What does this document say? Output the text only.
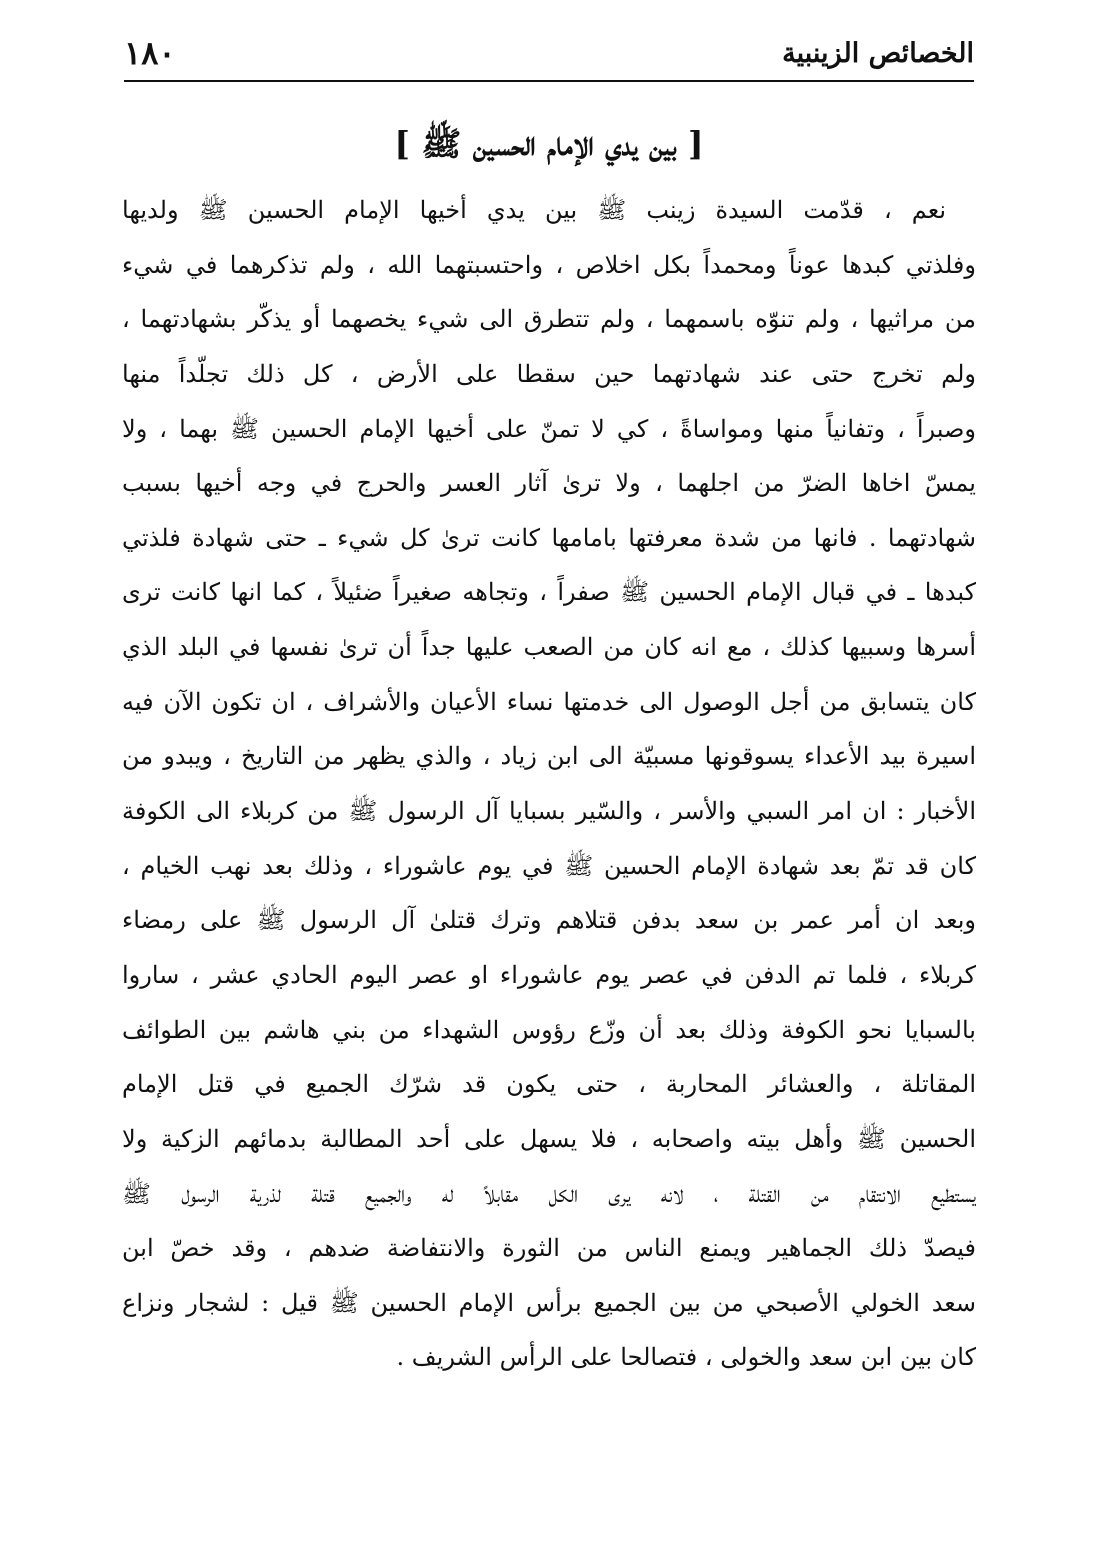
الخصائص الزينبية
١٨٠
[ بين يدي الإمام الحسين ﷺ ]
نعم ، قدّمت السيدة زينب ﷺ بين يدي أخيها الإمام الحسين ﷺ ولديها
وفلذتي كبدها عوناً ومحمداً بكل اخلاص ، واحتسبتهما الله ، ولم تذكرهما في شيء
من مراثيها ، ولم تنوّه باسمهما ، ولم تتطرق الى شيء يخصهما أو يذكّر بشهادتهما ،
ولم تخرج حتى عند شهادتهما حين سقطا على الأرض ، كل ذلك تجلّداً منها
وصبراً ، وتفانياً منها ومواساةً ، كي لا تمنّ على أخيها الإمام الحسين ﷺ بهما ، ولا
يمسّ اخاها الضرّ من اجلهما ، ولا ترىٰ آثار العسر والحرج في وجه أخيها بسبب
شهادتهما . فانها من شدة معرفتها بامامها كانت ترىٰ كل شيء ـ حتى شهادة فلذتي
كبدها ـ في قبال الإمام الحسين ﷺ صفراً ، وتجاهه صغيراً ضئيلاً ، كما انها كانت ترى
أسرها وسبيها كذلك ، مع انه كان من الصعب عليها جداً أن ترىٰ نفسها في البلد الذي
كان يتسابق من أجل الوصول الى خدمتها نساء الأعيان والأشراف ، ان تكون الآن فيه
اسيرة بيد الأعداء يسوقونها مسبيّة الى ابن زياد ، والذي يظهر من التاريخ ، ويبدو من
الأخبار : ان امر السبي والأسر ، والسّير بسبايا آل الرسول ﷺ من كربلاء الى الكوفة
كان قد تمّ بعد شهادة الإمام الحسين ﷺ في يوم عاشوراء ، وذلك بعد نهب الخيام ،
وبعد ان أمر عمر بن سعد بدفن قتلاهم وترك قتلىٰ آل الرسول ﷺ على رمضاء
كربلاء ، فلما تم الدفن في عصر يوم عاشوراء او عصر اليوم الحادي عشر ، ساروا
بالسبايا نحو الكوفة وذلك بعد أن وزّع رؤوس الشهداء من بني هاشم بين الطوائف
المقاتلة ، والعشائر المحاربة ، حتى يكون قد شرّك الجميع في قتل الإمام
الحسين ﷺ وأهل بيته واصحابه ، فلا يسهل على أحد المطالبة بدمائهم الزكية ولا
يستطيع الانتقام من القتلة ، لانه يرى الكل مقابلاً له والجميع قتلة لذرية الرسول ﷺ
فيصدّ ذلك الجماهير ويمنع الناس من الثورة والانتفاضة ضدهم ، وقد خصّ ابن
سعد الخولي الأصبحي من بين الجميع برأس الإمام الحسين ﷺ قيل : لشجار ونزاع
كان بين ابن سعد والخولى ، فتصالحا على الرأس الشريف .
